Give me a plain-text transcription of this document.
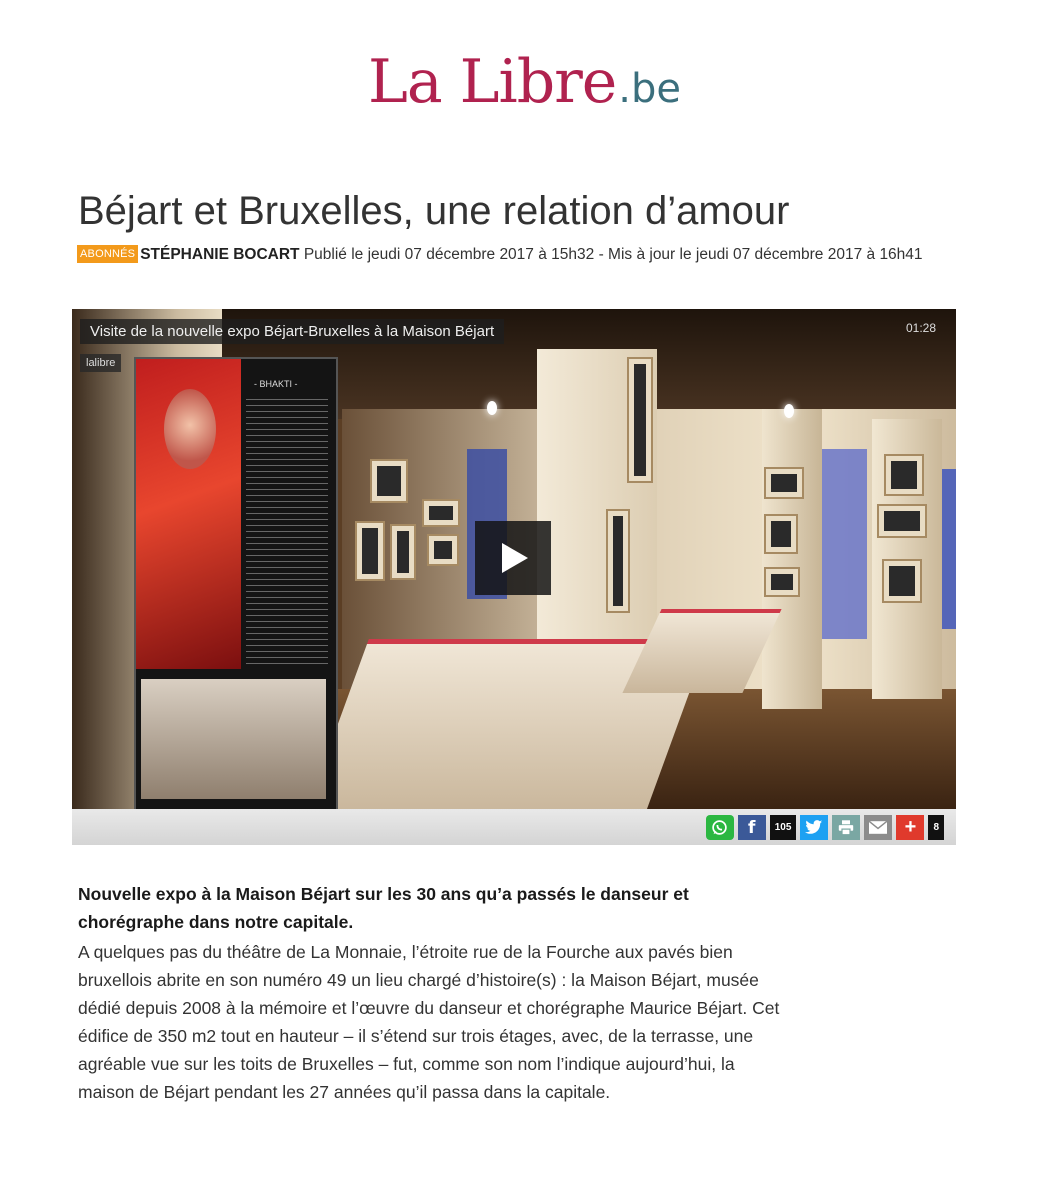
La Libre.be
Béjart et Bruxelles, une relation d’amour
ABONNÉS STÉPHANIE BOCART Publié le jeudi 07 décembre 2017 à 15h32 - Mis à jour le jeudi 07 décembre 2017 à 16h41
- BHAKTI -
Visite de la nouvelle expo Béjart-Bruxelles à la Maison Béjart	01:28
lalibre
f	105	+	8

Nouvelle expo à la Maison Béjart sur les 30 ans qu’a passés le danseur et
chorégraphe dans notre capitale.

A quelques pas du théâtre de La Monnaie, l’étroite rue de la Fourche aux pavés bien
bruxellois abrite en son numéro 49 un lieu chargé d’histoire(s) : la Maison Béjart, musée
dédié depuis 2008 à la mémoire et l’œuvre du danseur et chorégraphe Maurice Béjart. Cet
édifice de 350 m2 tout en hauteur – il s’étend sur trois étages, avec, de la terrasse, une
agréable vue sur les toits de Bruxelles – fut, comme son nom l’indique aujourd’hui, la
maison de Béjart pendant les 27 années qu’il passa dans la capitale.
